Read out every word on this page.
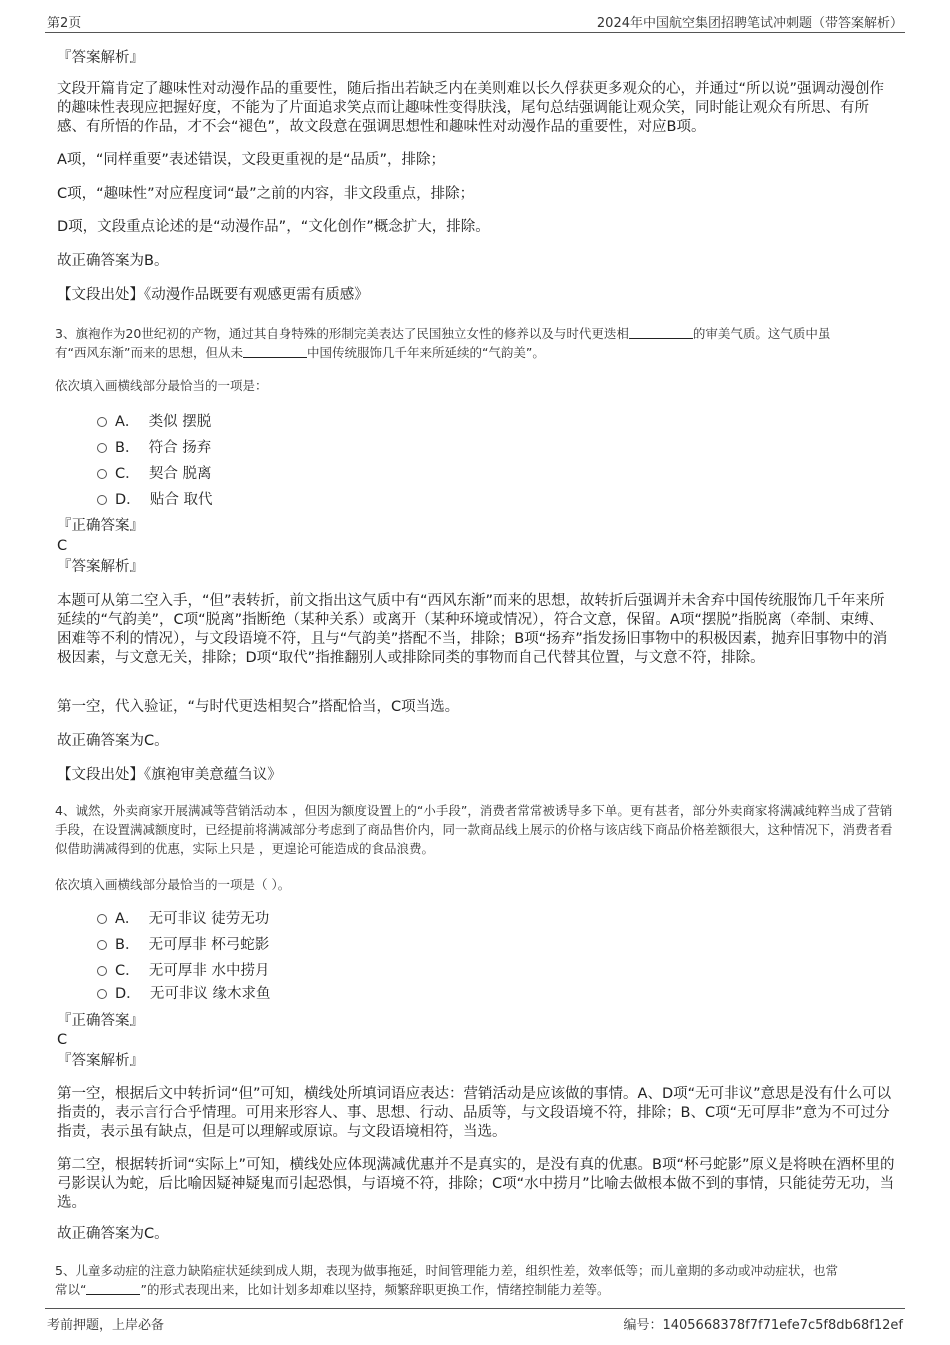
第2页	2024年中国航空集团招聘笔试冲刺题（带答案解析）
『答案解析』
文段开篇肯定了趣味性对动漫作品的重要性，随后指出若缺乏内在美则难以长久俘获更多观众的心，并通过“所以说”强调动漫创作的趣味性表现应把握好度，不能为了片面追求笑点而让趣味性变得肤浅，尾句总结强调能让观众笑，同时能让观众有所思、有所感、有所悟的作品，才不会“褪色”，故文段意在强调思想性和趣味性对动漫作品的重要性，对应B项。
A项，“同样重要”表述错误，文段更重视的是“品质”，排除；
C项，“趣味性”对应程度词“最”之前的内容，非文段重点，排除；
D项，文段重点论述的是“动漫作品”，“文化创作”概念扩大，排除。
故正确答案为B。
【文段出处】《动漫作品既要有观感更需有质感》
3、旗袍作为20世纪初的产物，通过其自身特殊的形制完美表达了民国独立女性的修养以及与时代更迭相	的审美气质。这气质中虽
有“西风东渐”而来的思想，但从未	中国传统服饰几千年来所延续的“气韵美”。
依次填入画横线部分最恰当的一项是：
A． 类似 摆脱
B． 符合 扬弃
C． 契合 脱离
D． 贴合 取代
『正确答案』
C
『答案解析』
本题可从第二空入手，“但”表转折，前文指出这气质中有“西风东渐”而来的思想，故转折后强调并未舍弃中国传统服饰几千年来所延续的“气韵美”，C项“脱离”指断绝（某种关系）或离开（某种环境或情况），符合文意，保留。A项“摆脱”指脱离（牵制、束缚、困难等不利的情况），与文段语境不符，且与“气韵美”搭配不当，排除；B项“扬弃”指发扬旧事物中的积极因素，抛弃旧事物中的消极因素，与文意无关，排除；D项“取代”指推翻别人或排除同类的事物而自己代替其位置，与文意不符，排除。
第一空，代入验证，“与时代更迭相契合”搭配恰当，C项当选。
故正确答案为C。
【文段出处】《旗袍审美意蕴刍议》
4、诚然，外卖商家开展满减等营销活动本 ，但因为额度设置上的“小手段”，消费者常常被诱导多下单。更有甚者，部分外卖商家将满减纯粹当成了营销手段，在设置满减额度时，已经提前将满减部分考虑到了商品售价内，同一款商品线上展示的价格与该店线下商品价格差额很大，这种情况下，消费者看似借助满减得到的优惠，实际上只是 ，更遑论可能造成的食品浪费。
依次填入画横线部分最恰当的一项是（ ）。
A． 无可非议 徒劳无功
B． 无可厚非 杯弓蛇影
C． 无可厚非 水中捞月
D． 无可非议 缘木求鱼
『正确答案』
C
『答案解析』
第一空，根据后文中转折词“但”可知，横线处所填词语应表达：营销活动是应该做的事情。A、D项“无可非议”意思是没有什么可以指责的，表示言行合乎情理。可用来形容人、事、思想、行动、品质等，与文段语境不符，排除；B、C项“无可厚非”意为不可过分指责，表示虽有缺点，但是可以理解或原谅。与文段语境相符，当选。
第二空，根据转折词“实际上”可知，横线处应体现满减优惠并不是真实的，是没有真的优惠。B项“杯弓蛇影”原义是将映在酒杯里的弓影误认为蛇，后比喻因疑神疑鬼而引起恐惧，与语境不符，排除；C项“水中捞月”比喻去做根本做不到的事情，只能徒劳无功，当选。
故正确答案为C。
5、儿童多动症的注意力缺陷症状延续到成人期，表现为做事拖延，时间管理能力差，组织性差，效率低等；而儿童期的多动或冲动症状，也常
常以“	”的形式表现出来，比如计划多却难以坚持，频繁辞职更换工作，情绪控制能力差等。
考前押题，上岸必备	编号：1405668378f7f71efe7c5f8db68f12ef
